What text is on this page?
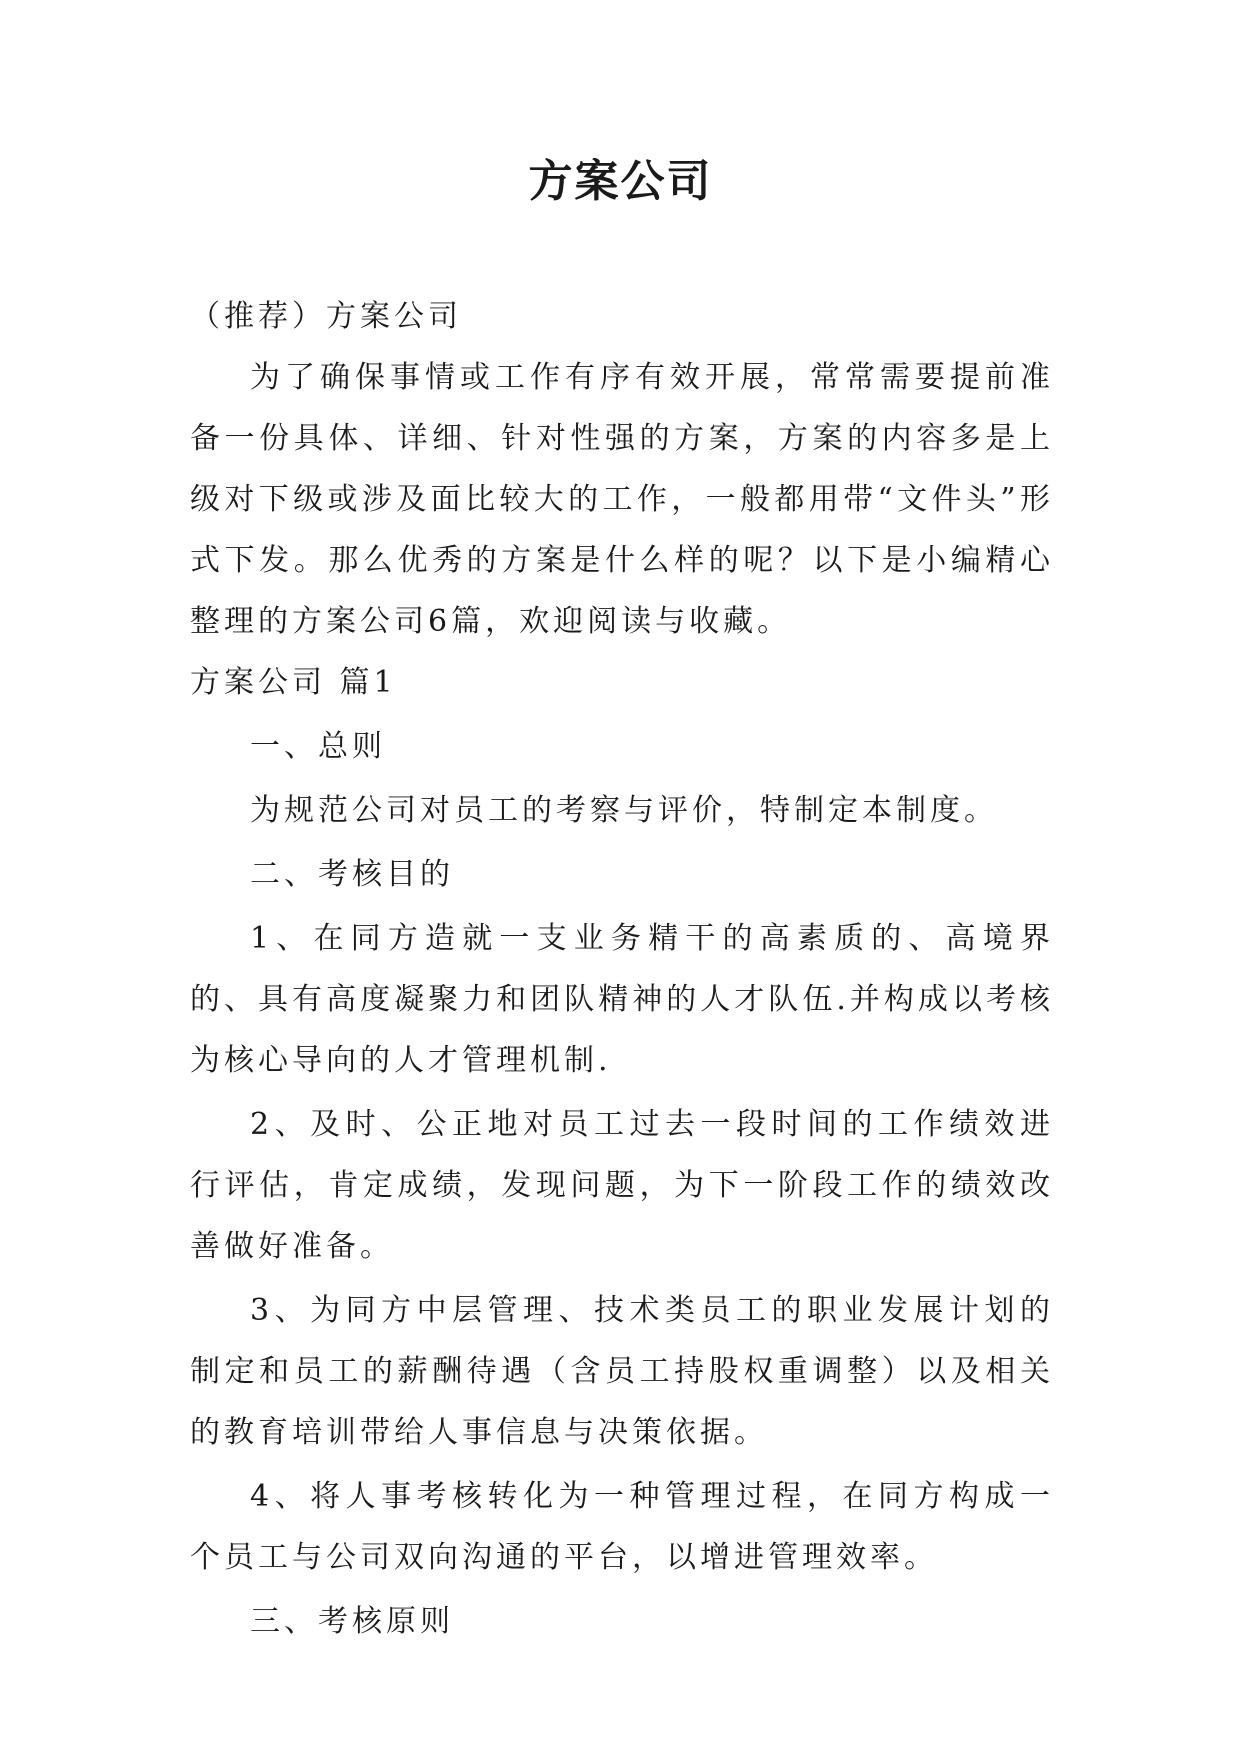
方案公司

（推荐）方案公司

为了确保事情或工作有序有效开展，常常需要提前准备一份具体、详细、针对性强的方案，方案的内容多是上级对下级或涉及面比较大的工作，一般都用带“文件头”形式下发。那么优秀的方案是什么样的呢？以下是小编精心整理的方案公司6篇，欢迎阅读与收藏。

方案公司 篇1

一、总则

为规范公司对员工的考察与评价，特制定本制度。

二、考核目的

1、在同方造就一支业务精干的高素质的、高境界的、具有高度凝聚力和团队精神的人才队伍.并构成以考核为核心导向的人才管理机制.

2、及时、公正地对员工过去一段时间的工作绩效进行评估，肯定成绩，发现问题，为下一阶段工作的绩效改善做好准备。

3、为同方中层管理、技术类员工的职业发展计划的制定和员工的薪酬待遇（含员工持股权重调整）以及相关的教育培训带给人事信息与决策依据。

4、将人事考核转化为一种管理过程，在同方构成一个员工与公司双向沟通的平台，以增进管理效率。

三、考核原则
